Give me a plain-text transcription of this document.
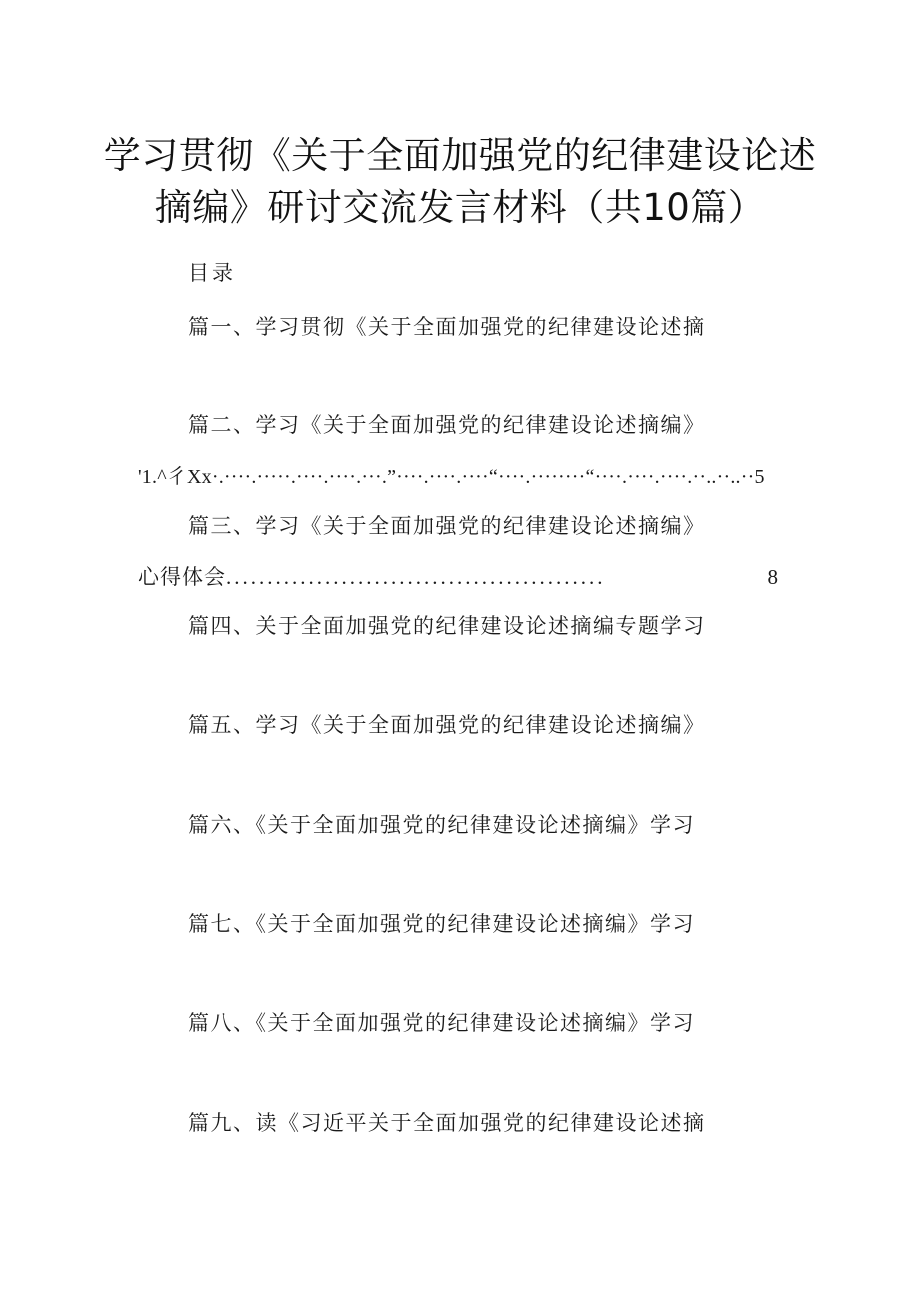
学习贯彻《关于全面加强党的纪律建设论述
摘编》研讨交流发言材料（共10篇）
目录
篇一、学习贯彻《关于全面加强党的纪律建设论述摘
篇二、学习《关于全面加强党的纪律建设论述摘编》
'1.^彳Xx·.····.·····.····.····.···.”····.····.····“····.········“····.····.····.··..··..··5
篇三、学习《关于全面加强党的纪律建设论述摘编》
心得体会 ..............................................	8
篇四、关于全面加强党的纪律建设论述摘编专题学习
篇五、学习《关于全面加强党的纪律建设论述摘编》
篇六、《关于全面加强党的纪律建设论述摘编》学习
篇七、《关于全面加强党的纪律建设论述摘编》学习
篇八、《关于全面加强党的纪律建设论述摘编》学习
篇九、读《习近平关于全面加强党的纪律建设论述摘
